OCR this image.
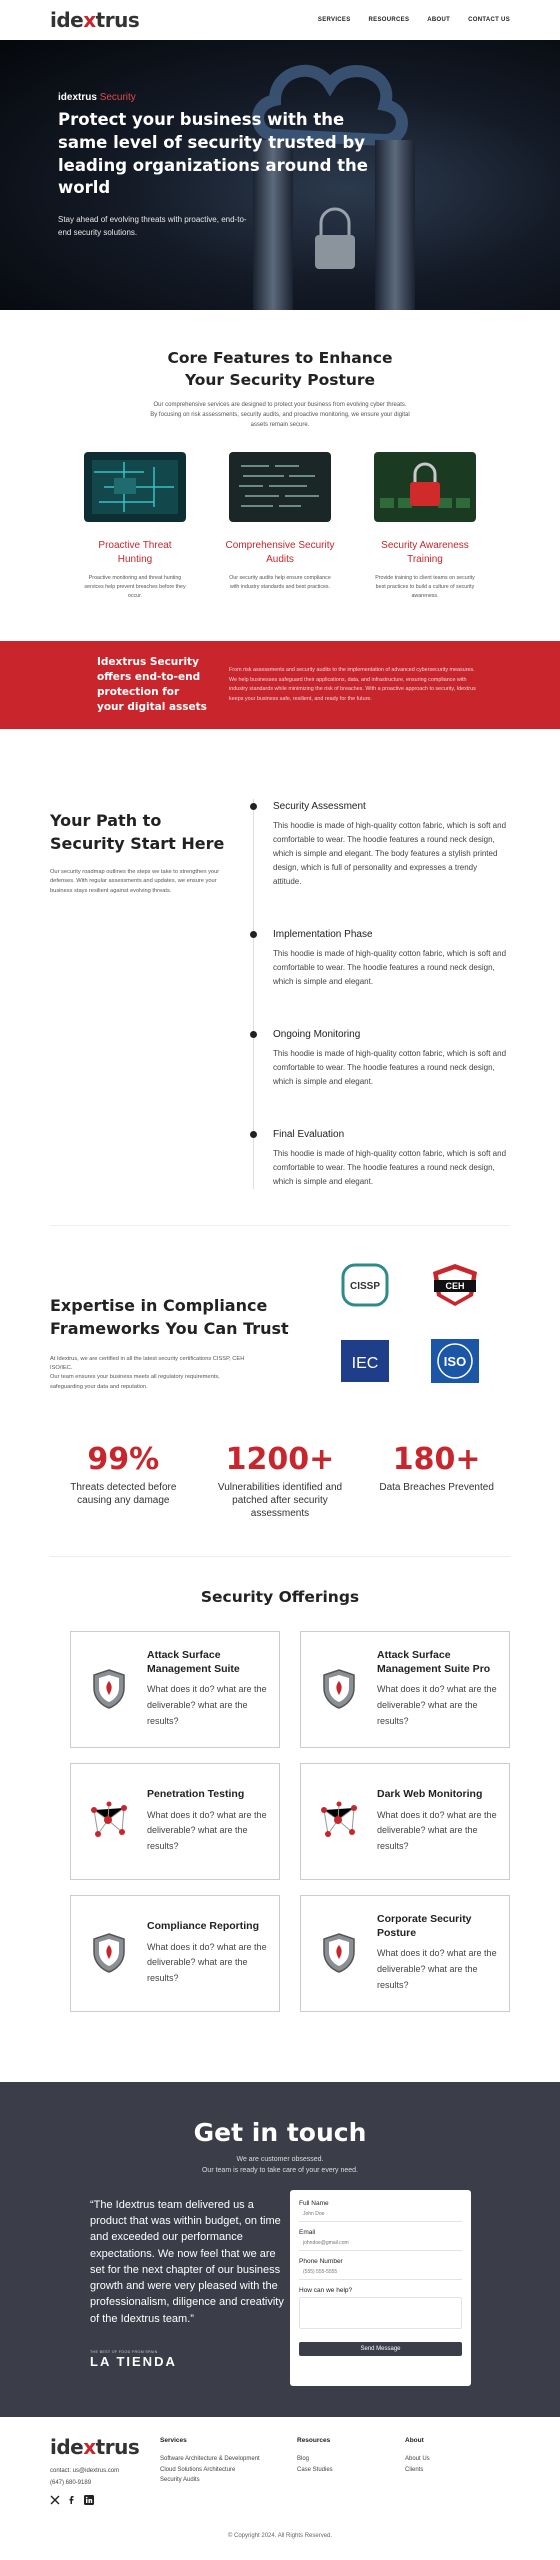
idextrus	SERVICES	RESOURCES	ABOUT	CONTACT US
idextrus Security
Protect your business with the same level of security trusted by leading organizations around the world

Stay ahead of evolving threats with proactive, end-to-end security solutions.

Core Features to Enhance
Your Security Posture

Our comprehensive services are designed to protect your business from evolving cyber threats. By focusing on risk assessments, security audits, and proactive monitoring, we ensure your digital assets remain secure.

Proactive Threat Hunting
Proactive monitoring and threat hunting services help prevent breaches before they occur.
Comprehensive Security Audits
Our security audits help ensure compliance with industry standards and best practices.
Security Awareness Training
Provide training to client teams on security best practices to build a culture of security awareness.
Idextrus Security offers end-to-end protection for your digital assets
From risk assessments and security audits to the implementation of advanced cybersecurity measures. We help businesses safeguard their applications, data, and infrastructure, ensuring compliance with industry standards while minimizing the risk of breaches. With a proactive approach to security, Idextrus keeps your business safe, resilient, and ready for the future.
Your Path to
Security Start Here

Our security roadmap outlines the steps we take to strengthen your defenses. With regular assessments and updates, we ensure your business stays resilient against evolving threats.

Security Assessment
This hoodie is made of high-quality cotton fabric, which is soft and comfortable to wear. The hoodie features a round neck design, which is simple and elegant. The body features a stylish printed design, which is full of personality and expresses a trendy attitude.
Implementation Phase
This hoodie is made of high-quality cotton fabric, which is soft and comfortable to wear. The hoodie features a round neck design, which is simple and elegant.
Ongoing Monitoring
This hoodie is made of high-quality cotton fabric, which is soft and comfortable to wear. The hoodie features a round neck design, which is simple and elegant.
Final Evaluation
This hoodie is made of high-quality cotton fabric, which is soft and comfortable to wear. The hoodie features a round neck design, which is simple and elegant.
Expertise in Compliance
Frameworks You Can Trust

At Idextrus, we are certified in all the latest security certifications CISSP, CEH ISO/IEC.
Our team ensures your business meets all regulatory requirements, safeguarding your data and reputation.

CISSP	CEH
IEC	ISO
99%
Threats detected before causing any damage
1200+
Vulnerabilities identified and patched after security assessments
180+
Data Breaches Prevented
Security Offerings
Attack Surface Management Suite
What does it do? what are the deliverable? what are the results?
Attack Surface Management Suite Pro
What does it do? what are the deliverable? what are the results?
Penetration Testing
What does it do? what are the deliverable? what are the results?
Dark Web Monitoring
What does it do? what are the deliverable? what are the results?
Compliance Reporting
What does it do? what are the deliverable? what are the results?
Corporate Security Posture
What does it do? what are the deliverable? what are the results?
Get in touch

We are customer obsessed.
Our team is ready to take care of your every need.

“The Idextrus team delivered us a product that was within budget, on time and exceeded our performance expectations. We now feel that we are set for the next chapter of our business growth and were very pleased with the professionalism, diligence and creativity of the Idextrus team.”

THE BEST OF FOOD FROM SPAIN
LA TIENDA
Full Name
John Doe
Email
johndoe@gmail.com
Phone Number
(555) 555-5555
How can we help?
Send Message
idextrus
contact: us@idextrus.com
(647) 680-9189
Services
Software Architecture & Development
Cloud Solutions Architecture
Security Audits
Resources
Blog
Case Studies
About
About Us
Clients
© Copyright 2024. All Rights Reserved.
